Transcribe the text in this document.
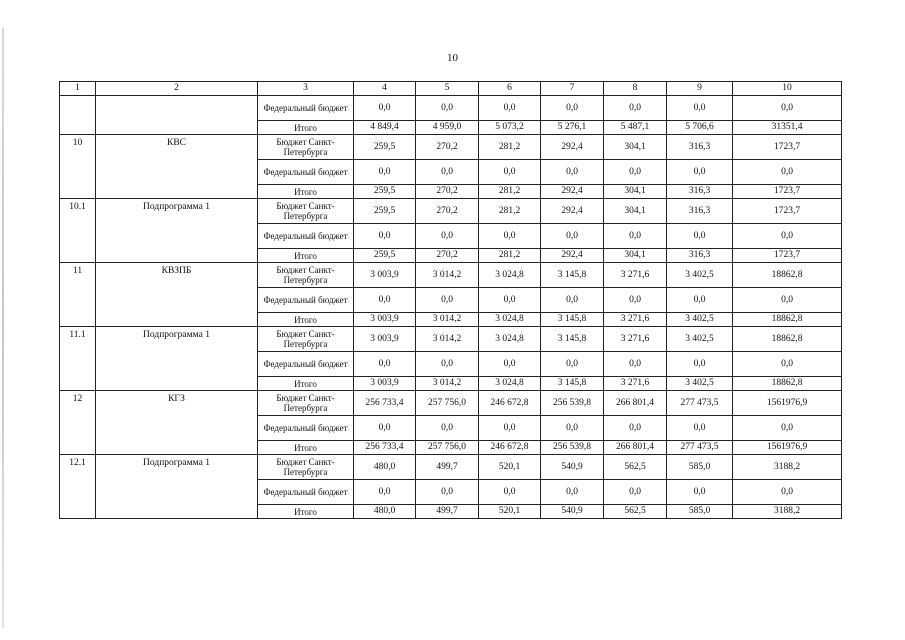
10
1	2	3	4	5	6	7	8	9	10
		Федеральный бюджет	0,0	0,0	0,0	0,0	0,0	0,0	0,0
		Итого	4 849,4	4 959,0	5 073,2	5 276,1	5 487,1	5 706,6	31351,4
10	КВС	Бюджет Санкт-Петербурга	259,5	270,2	281,2	292,4	304,1	316,3	1723,7
		Федеральный бюджет	0,0	0,0	0,0	0,0	0,0	0,0	0,0
		Итого	259,5	270,2	281,2	292,4	304,1	316,3	1723,7
10.1	Подпрограмма 1	Бюджет Санкт-Петербурга	259,5	270,2	281,2	292,4	304,1	316,3	1723,7
		Федеральный бюджет	0,0	0,0	0,0	0,0	0,0	0,0	0,0
		Итого	259,5	270,2	281,2	292,4	304,1	316,3	1723,7
11	КВЗПБ	Бюджет Санкт-Петербурга	3 003,9	3 014,2	3 024,8	3 145,8	3 271,6	3 402,5	18862,8
		Федеральный бюджет	0,0	0,0	0,0	0,0	0,0	0,0	0,0
		Итого	3 003,9	3 014,2	3 024,8	3 145,8	3 271,6	3 402,5	18862,8
11.1	Подпрограмма 1	Бюджет Санкт-Петербурга	3 003,9	3 014,2	3 024,8	3 145,8	3 271,6	3 402,5	18862,8
		Федеральный бюджет	0,0	0,0	0,0	0,0	0,0	0,0	0,0
		Итого	3 003,9	3 014,2	3 024,8	3 145,8	3 271,6	3 402,5	18862,8
12	КГЗ	Бюджет Санкт-Петербурга	256 733,4	257 756,0	246 672,8	256 539,8	266 801,4	277 473,5	1561976,9
		Федеральный бюджет	0,0	0,0	0,0	0,0	0,0	0,0	0,0
		Итого	256 733,4	257 756,0	246 672,8	256 539,8	266 801,4	277 473,5	1561976,9
12.1	Подпрограмма 1	Бюджет Санкт-Петербурга	480,0	499,7	520,1	540,9	562,5	585,0	3188,2
		Федеральный бюджет	0,0	0,0	0,0	0,0	0,0	0,0	0,0
		Итого	480,0	499,7	520,1	540,9	562,5	585,0	3188,2
